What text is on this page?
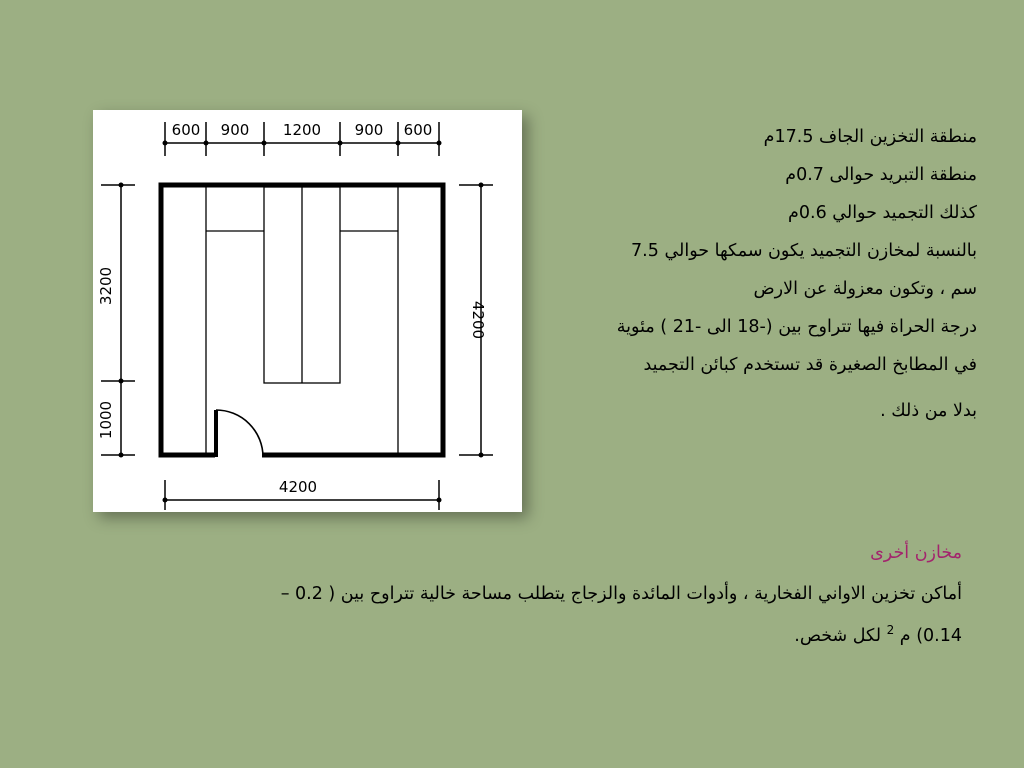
600 900 1200 900 600
3200
1000
4200
4200
منطقة التخزين الجاف 17.5م
منطقة التبريد حوالى 0.7م
كذلك التجميد حوالي 0.6م
بالنسبة لمخازن التجميد يكون سمكها حوالي 7.5
سم ، وتكون معزولة عن الارض
درجة الحراة فيها تتراوح بين (-18 الى -21 ) مئوية
في المطابخ الصغيرة قد تستخدم كبائن التجميد
بدلا من ذلك .
مخازن أخرى
أماكن تخزين الاواني الفخارية ، وأدوات المائدة والزجاج يتطلب مساحة خالية تتراوح بين ( 0.2 –
0.14) م $^2$ لكل شخص.
